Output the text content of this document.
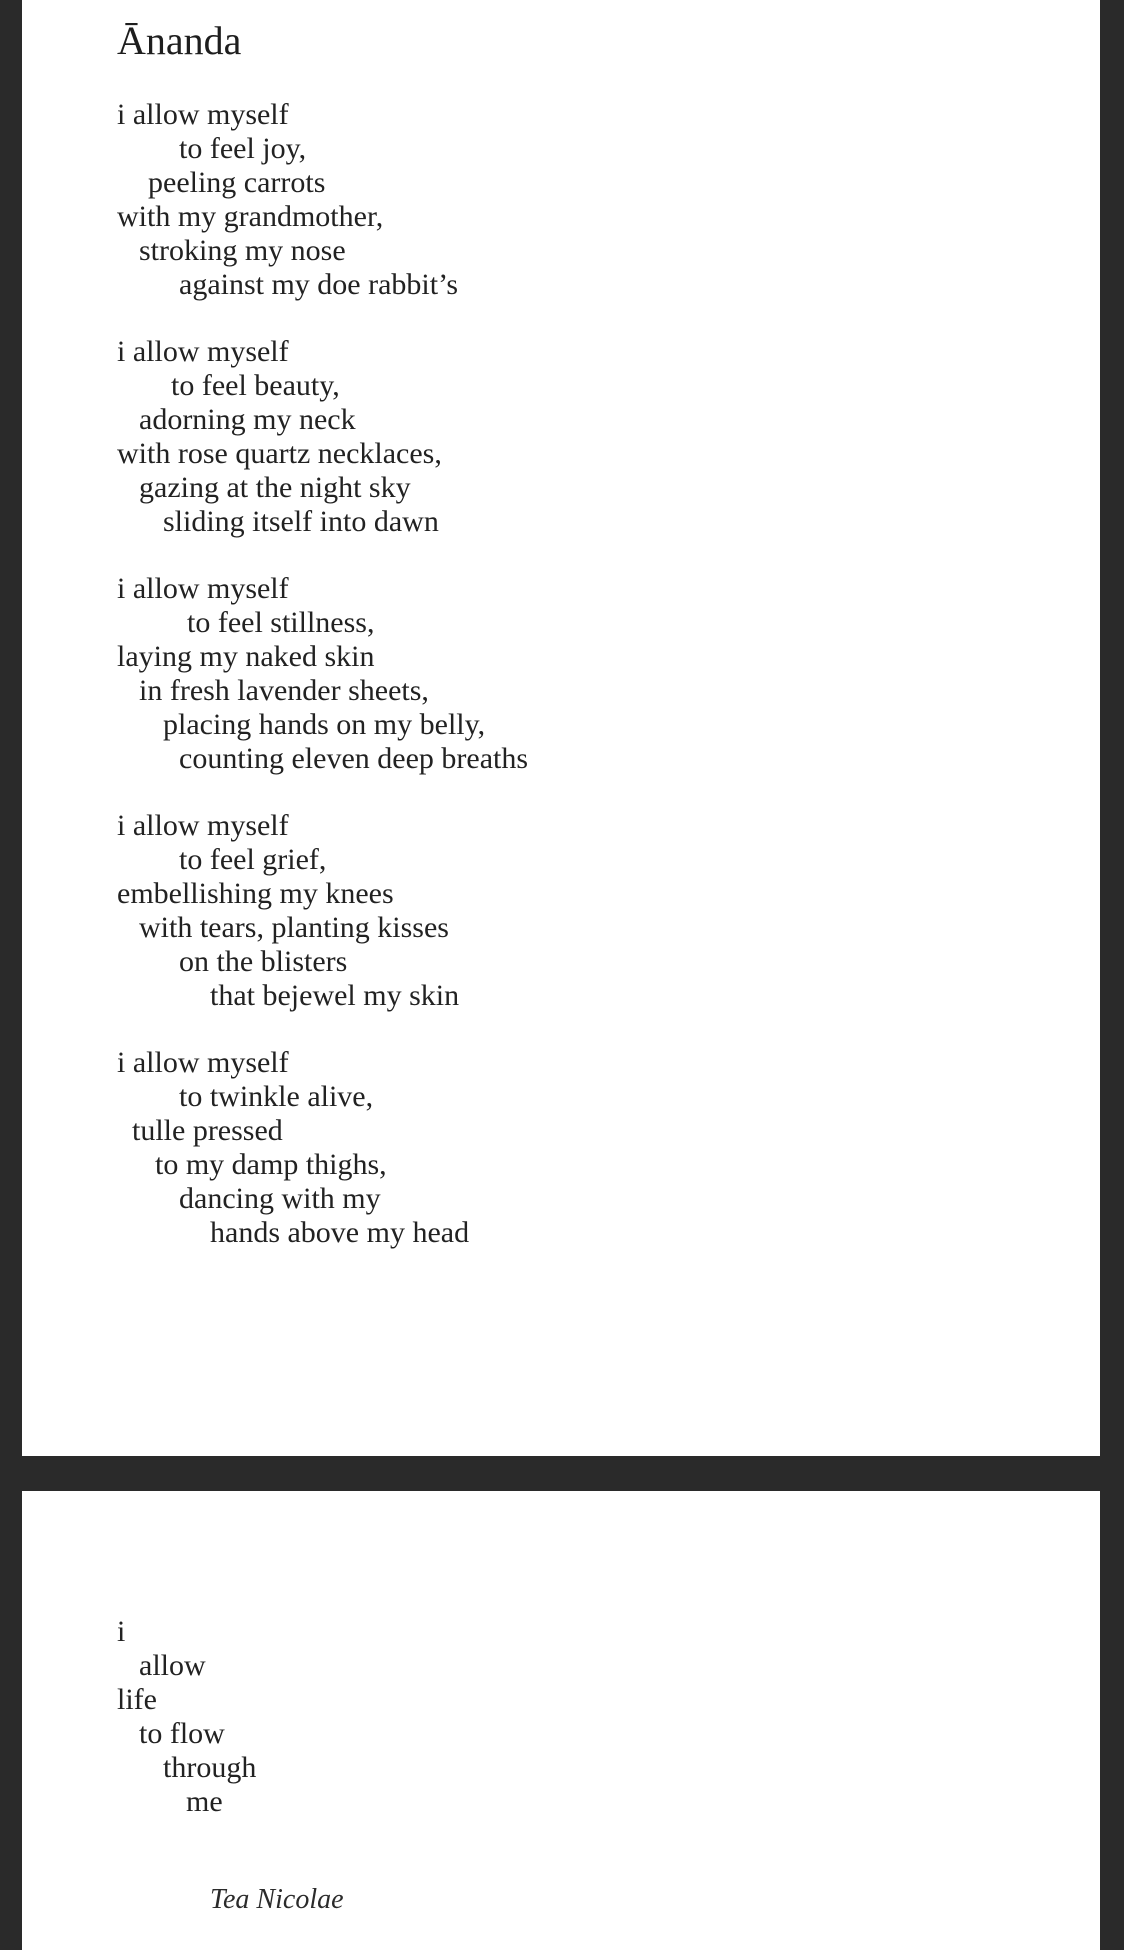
Ānanda
i allow myself
to feel joy,
peeling carrots
with my grandmother,
stroking my nose
against my doe rabbit’s
i allow myself
to feel beauty,
adorning my neck
with rose quartz necklaces,
gazing at the night sky
sliding itself into dawn
i allow myself
to feel stillness,
laying my naked skin
in fresh lavender sheets,
placing hands on my belly,
counting eleven deep breaths
i allow myself
to feel grief,
embellishing my knees
with tears, planting kisses
on the blisters
that bejewel my skin
i allow myself
to twinkle alive,
tulle pressed
to my damp thighs,
dancing with my
hands above my head
i
allow
life
to flow
through
me
Tea Nicolae
